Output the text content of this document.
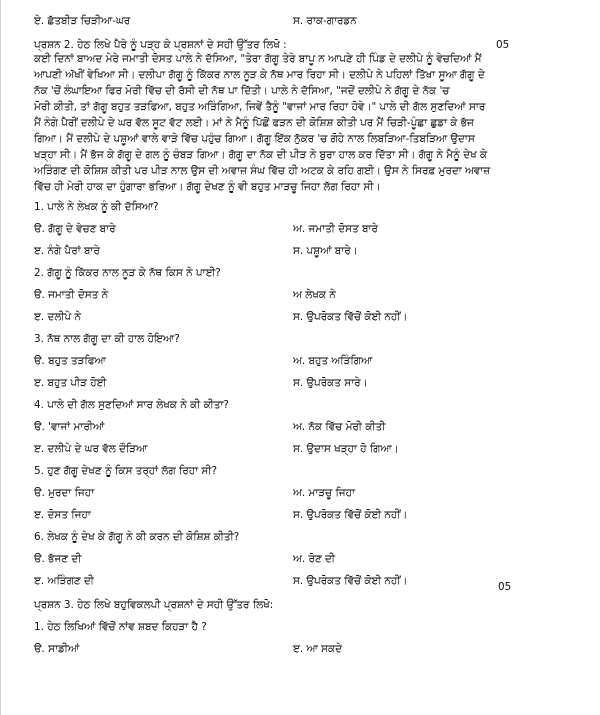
ਏ. ਛੱਤਬੀੜ ਚਿੜੀਆ-ਘਰ	ਸ. ਰਾਕ-ਗਾਰਡਨ
ਪ੍ਰਸ਼ਨ 2. ਹੇਠ ਲਿਖੇ ਪੈਰੇ ਨੂੰ ਪੜ੍ਹ ਕੇ ਪ੍ਰਸ਼ਨਾਂ ਦੇ ਸਹੀ ਉੱਤਰ ਲਿਖੋ :	05
ਕਈ ਦਿਨਾਂ ਬਾਅਦ ਮੇਰੇ ਜਮਾਤੀ ਦੋਸਤ ਪਾਲੇ ਨੇ ਦੱਸਿਆ, "ਤੇਰਾ ਗੱਗੂ ਤੇਰੇ ਬਾਪੂ ਨ ਆਪਣੇ ਹੀ ਪਿੰਡ ਦੇ ਦਲੀਪੇ ਨੂੰ ਵੇਚਦਿਆਂ ਮੈਂ
ਆਪਣੀ ਅੱਖੀਂ ਵੇਖਿਆ ਸੀ। ਦਲੀਪਾ ਗੱਗੂ ਨੂੰ ਕਿੱਕਰ ਨਾਲ ਨੂੜ ਕੇ ਨੱਥ ਮਾਰ ਰਿਹਾ ਸੀ। ਦਲੀਪੇ ਨੇ ਪਹਿਲਾਂ ਤਿੱਖਾ ਸੂਆ ਗੱਗੂ ਦੇ
ਨੱਕ 'ਚੋਂ ਲੰਘਾਇਆ ਫਿਰ ਮੋਰੀ ਵਿੱਚ ਦੀ ਰੱਸੀ ਦੀ ਨੱਥ ਪਾ ਦਿੱਤੀ। ਪਾਲੇ ਨੇ ਦੱਸਿਆ, "ਜਦੋਂ ਦਲੀਪੇ ਨੇ ਗੱਗੂ ਦੇ ਨੱਕ 'ਚ
ਮੋਰੀ ਕੀਤੀ, ਤਾਂ ਗੱਗੂ ਬਹੁਤ ਤੜਫਿਆ, ਬਹੁਤ ਅੜਿੰਗਿਆ, ਜਿਵੇਂ ਤੈਨੂੰ "ਵਾਜਾਂ ਮਾਰ ਰਿਹਾ ਹੋਵੇ।" ਪਾਲੇ ਦੀ ਗੱਲ ਸੁਣਦਿਆਂ ਸਾਰ
ਮੈਂ ਨੰਗੇ ਪੈਰੀਂ ਦਲੀਪੇ ਦੇ ਘਰ ਵੱਲ ਸੂਟ ਵੱਟ ਲਈ। ਮਾਂ ਨੇ ਮੈਨੂੰ ਪਿੱਛੋਂ ਫੜਨ ਦੀ ਕੋਸ਼ਿਸ਼ ਕੀਤੀ ਪਰ ਮੈਂ ਚਿੜੀ-ਪੂੰਛਾ ਛੁਡਾ ਕੇ ਭੱਜ
ਗਿਆ। ਮੈਂ ਦਲੀਪੇ ਦੇ ਪਸ਼ੂਆਂ ਵਾਲੇ ਵਾੜੇ ਵਿੱਚ ਪਹੁੰਚ ਗਿਆ। ਗੱਗੂ ਇੱਕ ਨੁੱਕਰ 'ਚ ਗੋਹੇ ਨਾਲ ਲਿਬੜਿਆ-ਤਿਬੜਿਆ ਉਦਾਸ
ਖੜ੍ਹਾ ਸੀ। ਮੈਂ ਭੱਜ ਕੇ ਗੱਗੂ ਦੇ ਗਲ ਨੂੰ ਚੰਬੜ ਗਿਆ। ਗੱਗੂ ਦਾ ਨੱਕ ਦੀ ਪੀੜ ਨੇ ਬੁਰਾ ਹਾਲ ਕਰ ਦਿੱਤਾ ਸੀ। ਗੱਗੂ ਨੇ ਮੈਨੂੰ ਦੇਖ ਕੇ
ਅੜਿੰਗਣ ਦੀ ਕੋਸ਼ਿਸ਼ ਕੀਤੀ ਪਰ ਪੀੜ ਨਾਲ ਉਸ ਦੀ ਅਵਾਜ਼ ਸੰਘ ਵਿੱਚ ਹੀ ਅਟਕ ਕੇ ਰਹਿ ਗਈ। ਉਸ ਨੇ ਸਿਰਫ਼ ਮੁਰਦਾ ਅਵਾਜ਼
ਵਿੱਚ ਹੀ ਮੇਰੀ ਹਾਕ ਦਾ ਹੁੰਗਾਰਾ ਭਰਿਆ। ਗੱਗੂ ਦੇਖਣ ਨੂੰ ਵੀ ਬਹੁਤ ਮਾੜਚੂ ਜਿਹਾ ਲੱਗ ਰਿਹਾ ਸੀ।
1. ਪਾਲੇ ਨੇ ਲੇਖਕ ਨੂੰ ਕੀ ਦੱਸਿਆ?
ੳ. ਗੱਗੂ ਦੇ ਵੇਚਣ ਬਾਰੇ	ਅ. ਜਮਾਤੀ ਦੋਸਤ ਬਾਰੇ
ੲ. ਨੰਗੇ ਪੈਰਾਂ ਬਾਰੇ	ਸ. ਪਸ਼ੂਆਂ ਬਾਰੇ।
2. ਗੱਗੂ ਨੂੰ ਕਿੱਕਰ ਨਾਲ ਨੂੜ ਕੇ ਨੱਥ ਕਿਸ ਨੇ ਪਾਈ?
ੳ. ਜਮਾਤੀ ਦੋਸਤ ਨੇ	ਅ ਲੇਖਕ ਨੇ
ੲ. ਦਲੀਪੇ ਨੇ	ਸ. ਉਪਰੋਕਤ ਵਿੱਚੋਂ ਕੋਈ ਨਹੀਂ।
3. ਨੱਥ ਨਾਲ ਗੱਗੂ ਦਾ ਕੀ ਹਾਲ ਹੋਇਆ?
ੳ. ਬਹੁਤ ਤੜਫਿਆ	ਅ. ਬਹੁਤ ਅੜਿੰਗਿਆ
ੲ. ਬਹੁਤ ਪੀੜ ਹੋਈ	ਸ. ਉਪਰੋਕਤ ਸਾਰੇ।
4. ਪਾਲੇ ਦੀ ਗੱਲ ਸੁਣਦਿਆਂ ਸਾਰ ਲੇਖਕ ਨੇ ਕੀ ਕੀਤਾ?
ੳ. 'ਵਾਜਾਂ ਮਾਰੀਆਂ	ਅ. ਨੱਕ ਵਿੱਚ ਮੋਰੀ ਕੀਤੀ
ੲ. ਦਲੀਪੇ ਦੇ ਘਰ ਵੱਲ ਦੌੜਿਆ	ਸ. ਉਦਾਸ ਖੜ੍ਹਾ ਹੋ ਗਿਆ।
5. ਹੁਣ ਗੱਗੂ ਦੇਖਣ ਨੂੰ ਕਿਸ ਤਰ੍ਹਾਂ ਲੱਗ ਰਿਹਾ ਸੀ?
ੳ. ਮੁਰਦਾ ਜਿਹਾ	ਅ. ਮਾੜਚੂ ਜਿਹਾ
ੲ. ਦੋਸਤ ਜਿਹਾ	ਸ. ਉਪਰੋਕਤ ਵਿੱਚੋਂ ਕੋਈ ਨਹੀਂ।
6. ਲੇਖਕ ਨੂੰ ਦੇਖ ਕੇ ਗੱਗੂ ਨੇ ਕੀ ਕਰਨ ਦੀ ਕੋਸ਼ਿਸ਼ ਕੀਤੀ?
ੳ. ਭੱਜਣ ਦੀ	ਅ. ਰੋਣ ਦੀ
ੲ. ਅੜਿੰਗਣ ਦੀ	ਸ. ਉਪਰੋਕਤ ਵਿੱਚੋਂ ਕੋਈ ਨਹੀਂ।	05
ਪ੍ਰਸ਼ਨ 3. ਹੇਠ ਲਿਖੇ ਬਹੁਵਿਕਲਪੀ ਪ੍ਰਸ਼ਨਾਂ ਦੇ ਸਹੀ ਉੱਤਰ ਲਿਖੋ:
1. ਹੇਠ ਲਿਖਿਆਂ ਵਿੱਚੋਂ ਨਾਂਵ ਸ਼ਬਦ ਕਿਹੜਾ ਹੈ ?
ੳ. ਸਾਡੀਆਂ	ੲ. ਆ ਸਕਦੇ
